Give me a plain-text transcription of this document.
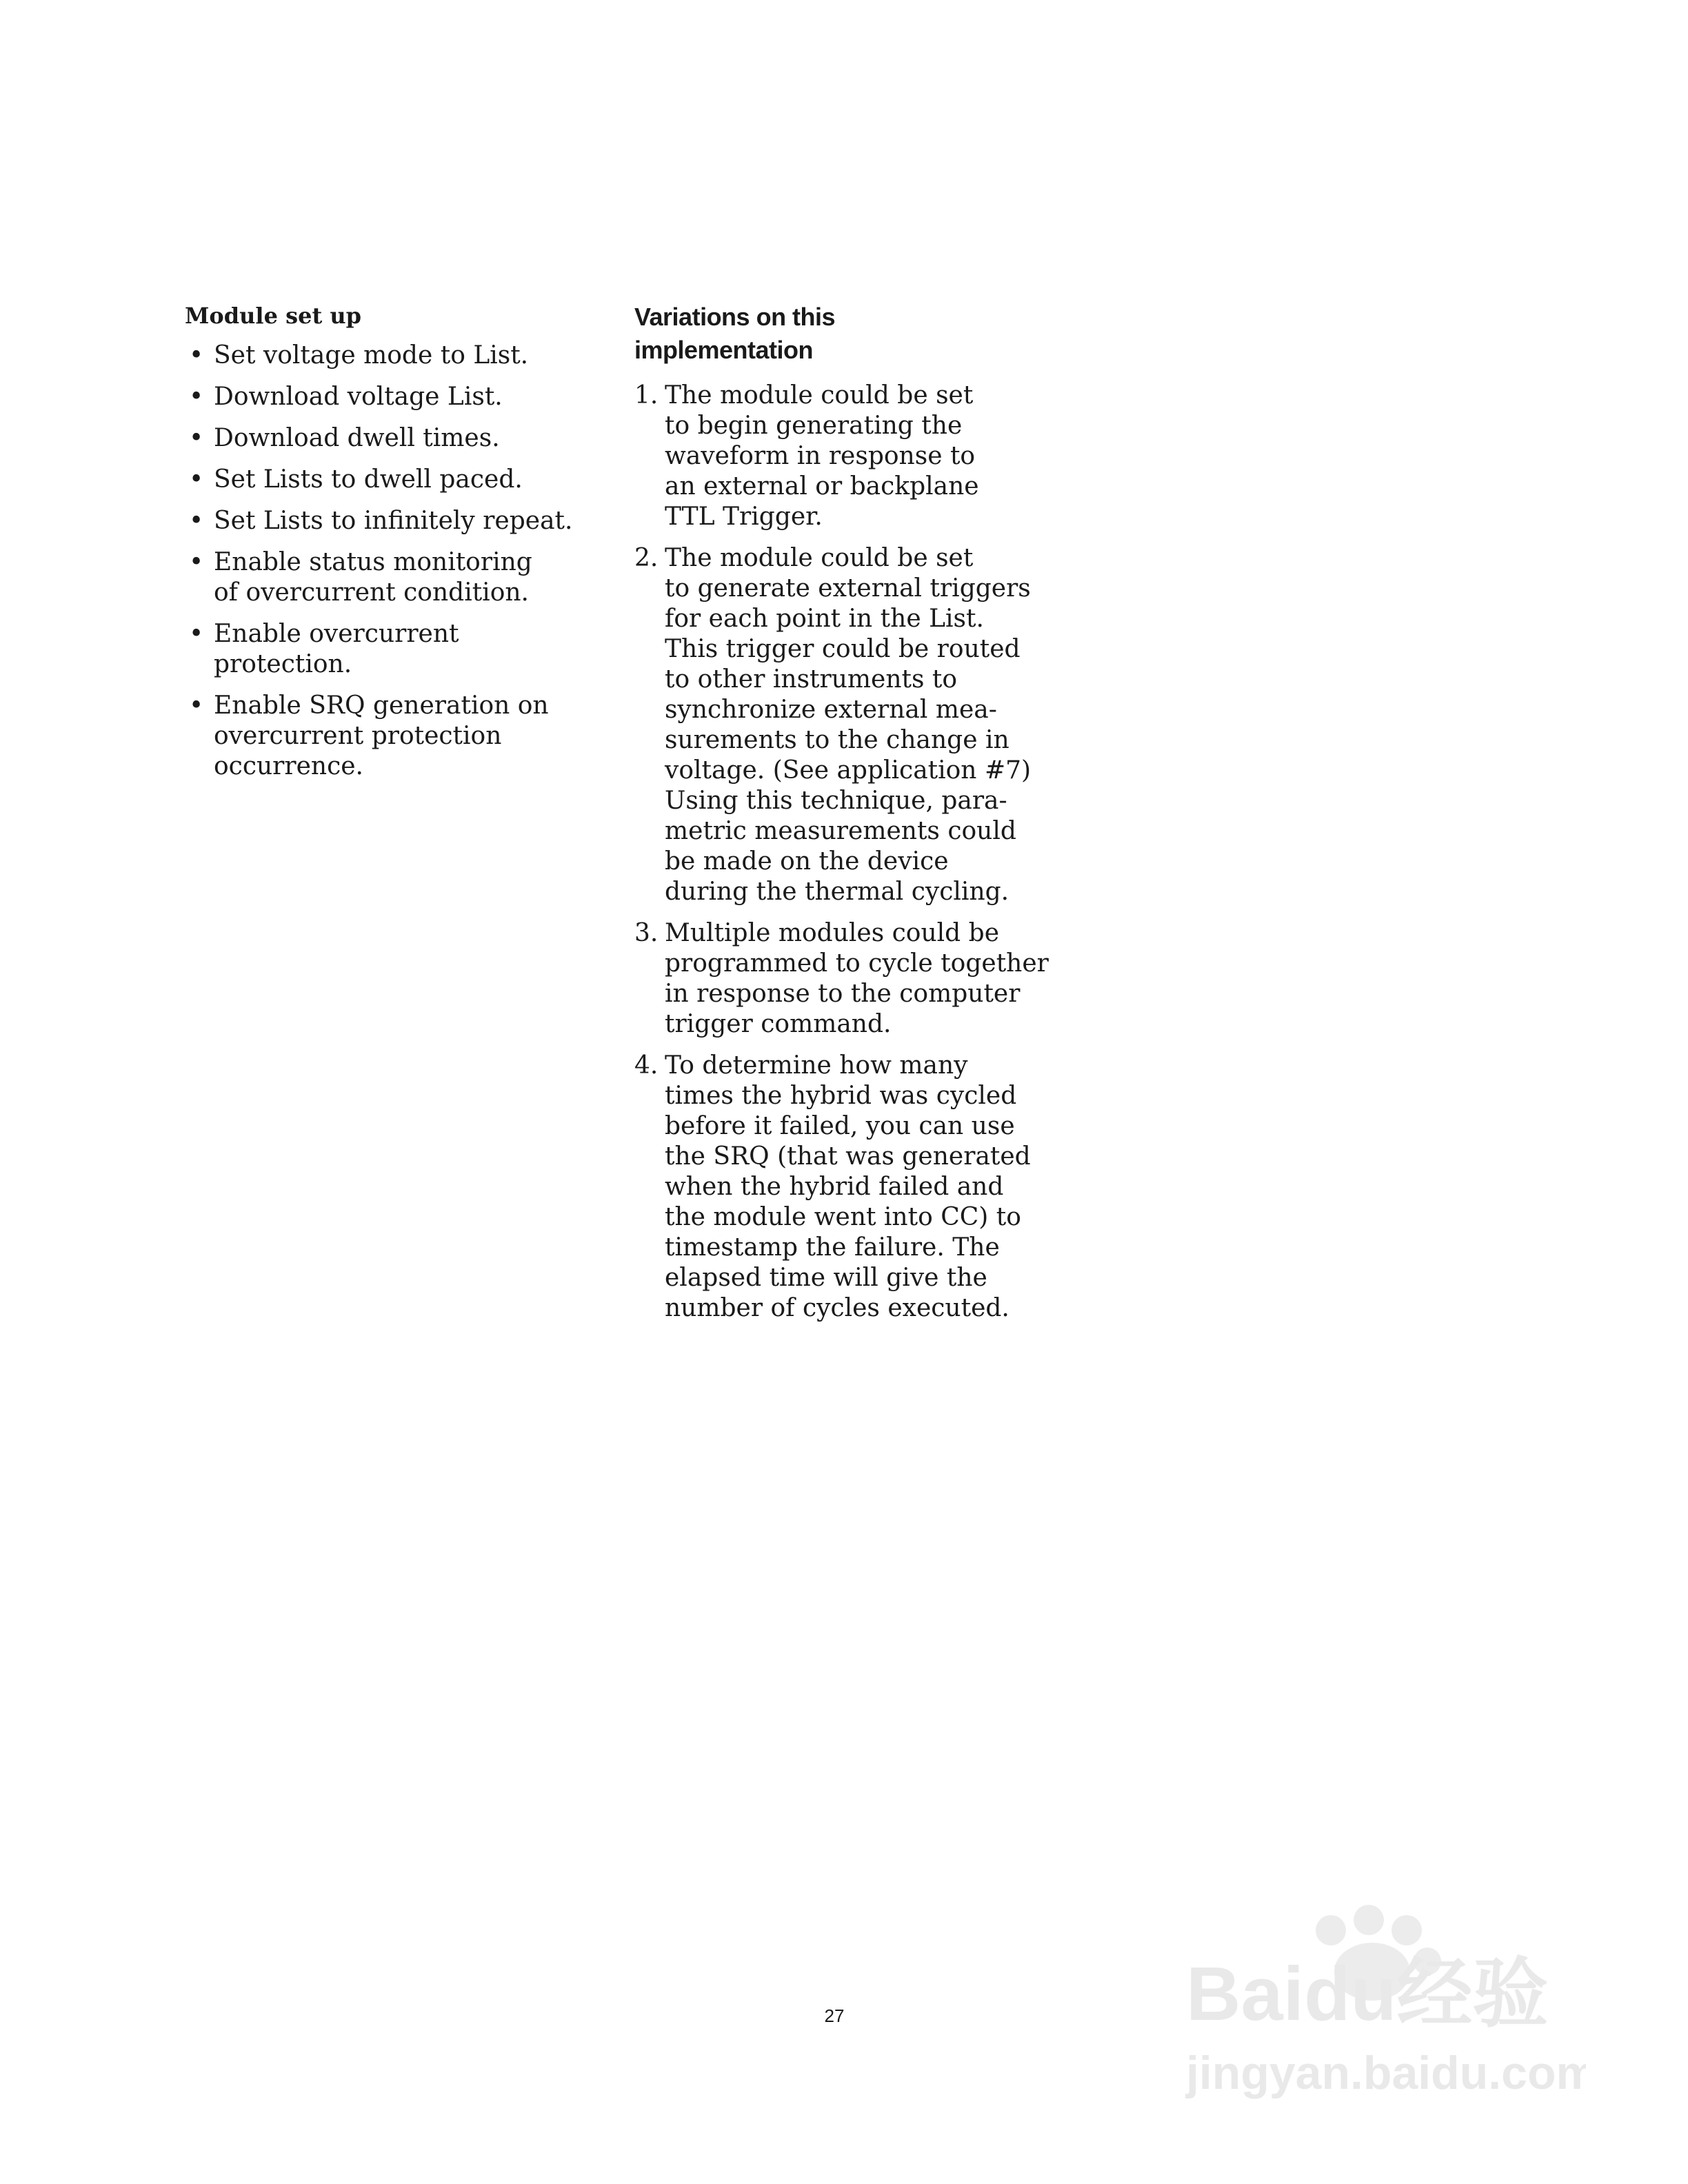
Module set up
• Set voltage mode to List.
• Download voltage List.
• Download dwell times.
• Set Lists to dwell paced.
• Set Lists to infinitely repeat.
• Enable status monitoring
of overcurrent condition.
• Enable overcurrent
protection.
• Enable SRQ generation on
overcurrent protection
occurrence.
Variations on this
implementation
1. The module could be set
to begin generating the
waveform in response to
an external or backplane
TTL Trigger.
2. The module could be set
to generate external triggers
for each point in the List.
This trigger could be routed
to other instruments to
synchronize external mea-
surements to the change in
voltage. (See application #7)
Using this technique, para-
metric measurements could
be made on the device
during the thermal cycling.
3. Multiple modules could be
programmed to cycle together
in response to the computer
trigger command.
4. To determine how many
times the hybrid was cycled
before it failed, you can use
the SRQ (that was generated
when the hybrid failed and
the module went into CC) to
timestamp the failure. The
elapsed time will give the
number of cycles executed.
27	Baidu经验
jingyan.baidu.com
